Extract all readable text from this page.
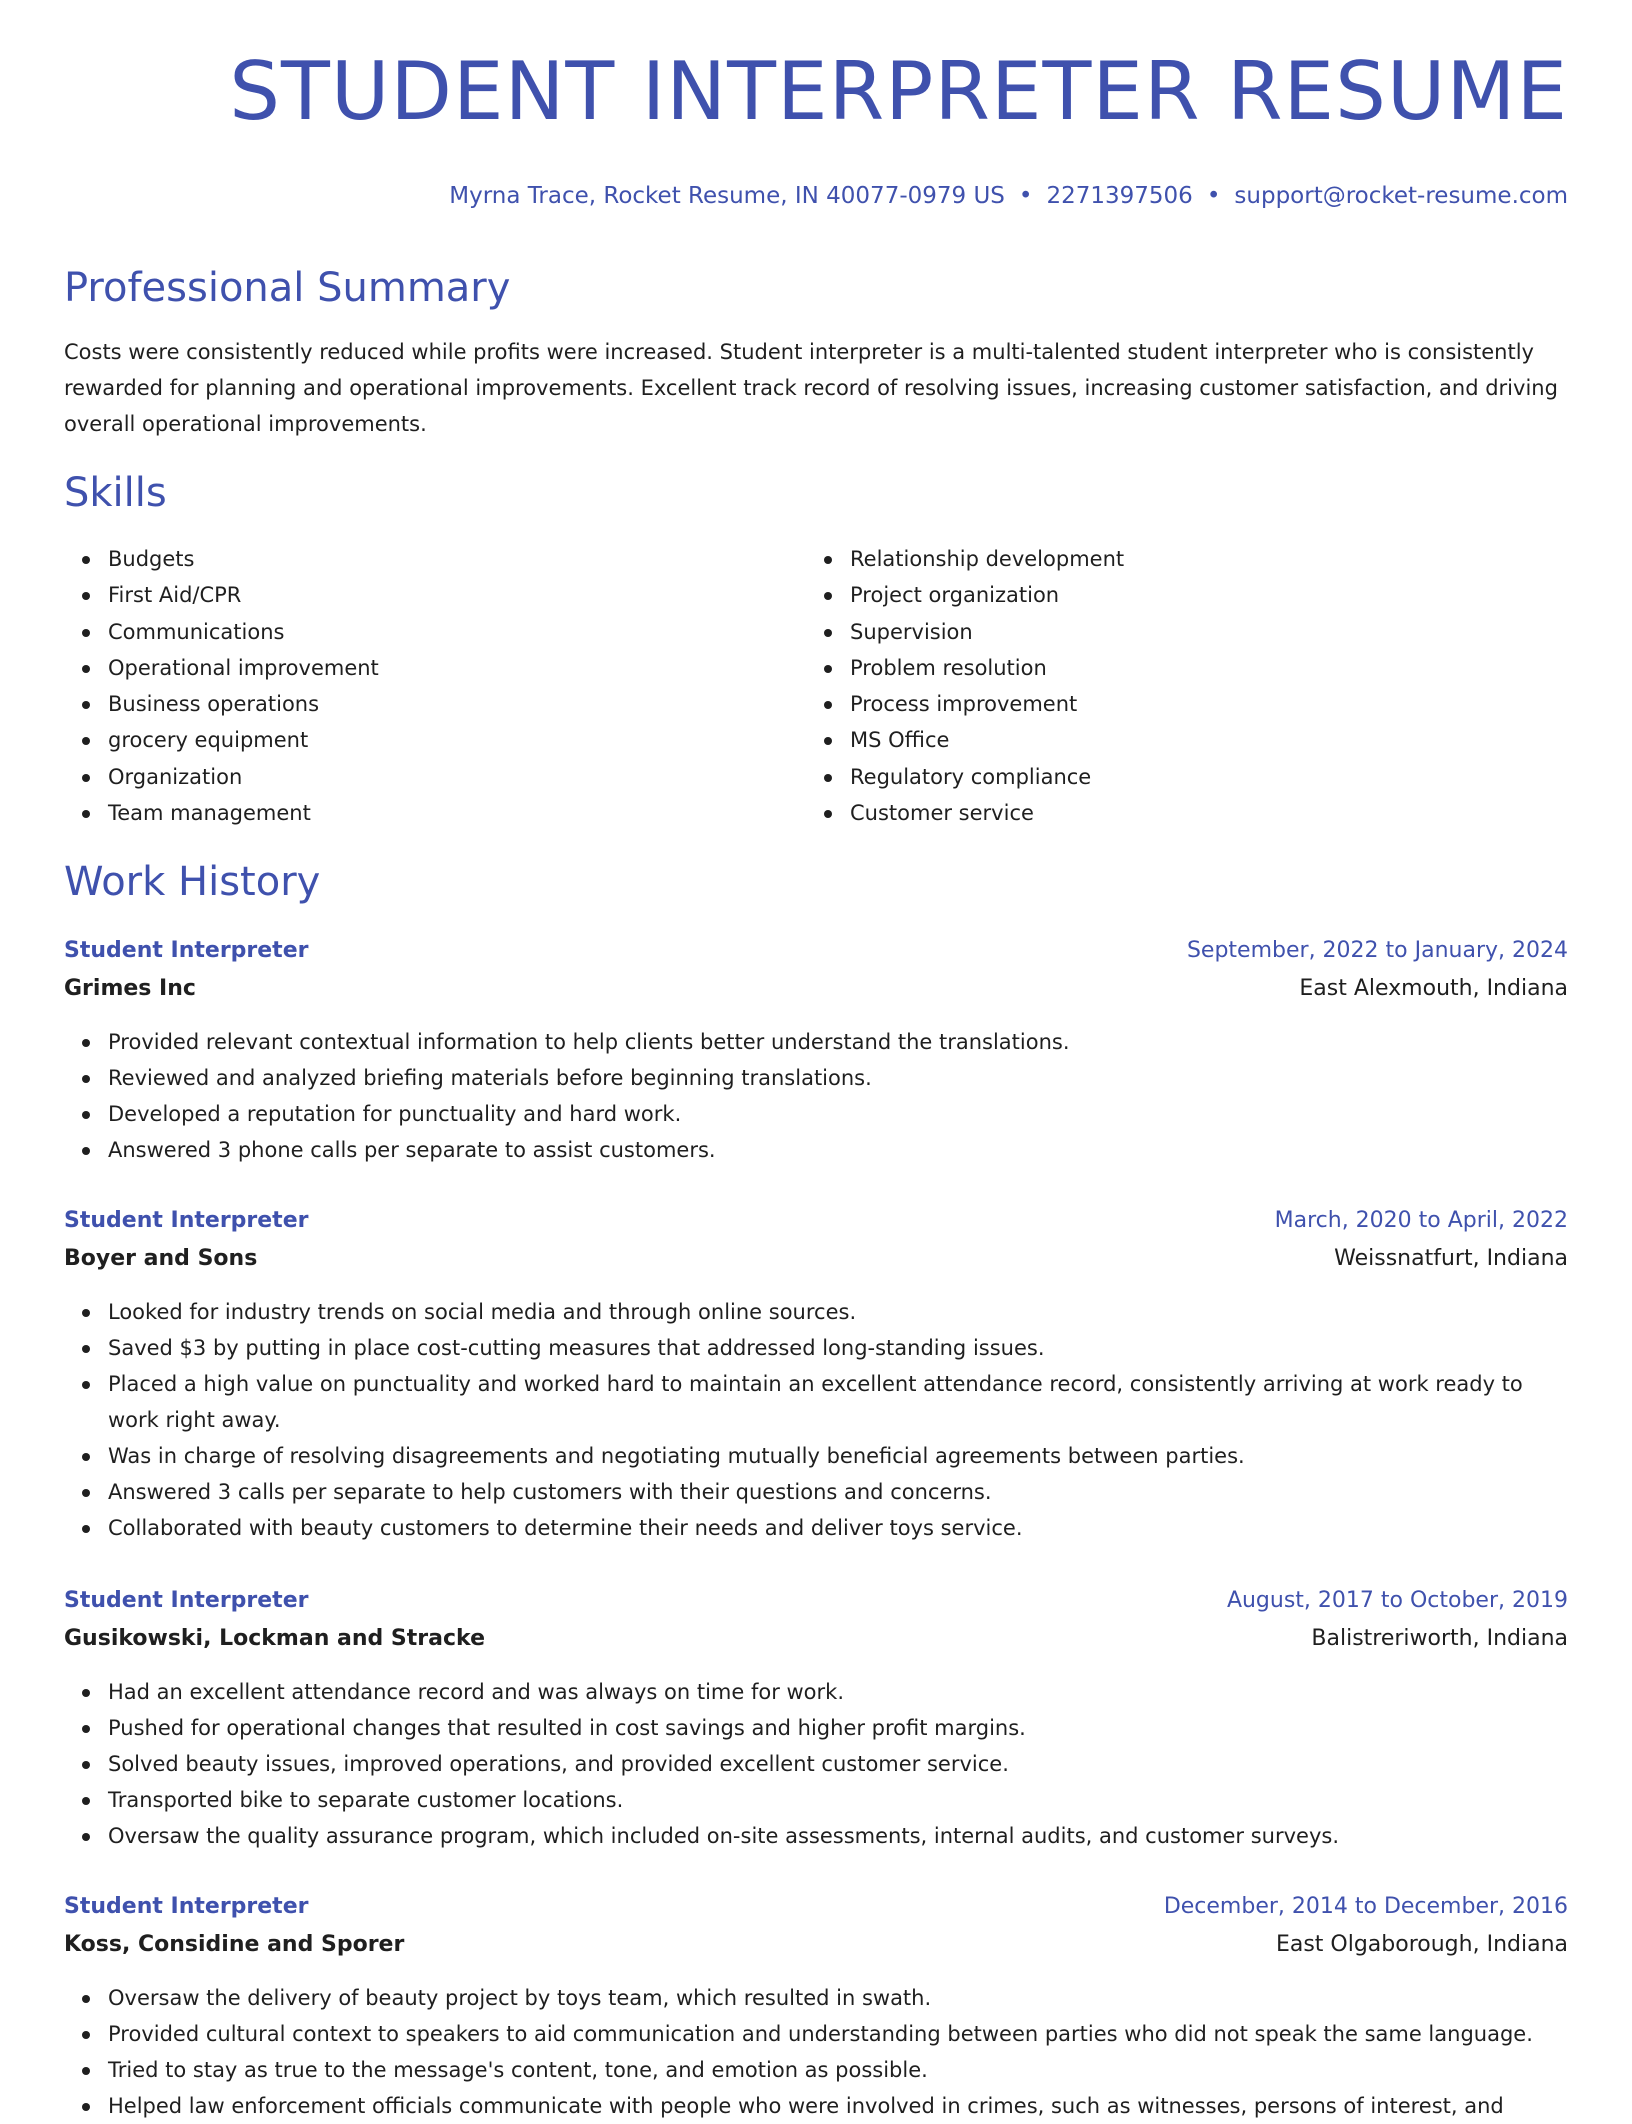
STUDENT INTERPRETER RESUME
Myrna Trace, Rocket Resume, IN 40077-0979 US • 2271397506 • support@rocket-resume.com
Professional Summary

Costs were consistently reduced while profits were increased. Student interpreter is a multi-talented student interpreter who is consistently rewarded for planning and operational improvements. Excellent track record of resolving issues, increasing customer satisfaction, and driving overall operational improvements.

Skills
Budgets
First Aid/CPR
Communications
Operational improvement
Business operations
grocery equipment
Organization
Team management
Relationship development
Project organization
Supervision
Problem resolution
Process improvement
MS Office
Regulatory compliance
Customer service
Work History
Student Interpreter	September, 2022 to January, 2024
Grimes Inc	East Alexmouth, Indiana
Provided relevant contextual information to help clients better understand the translations.
Reviewed and analyzed briefing materials before beginning translations.
Developed a reputation for punctuality and hard work.
Answered 3 phone calls per separate to assist customers.
Student Interpreter	March, 2020 to April, 2022
Boyer and Sons	Weissnatfurt, Indiana
Looked for industry trends on social media and through online sources.
Saved $3 by putting in place cost-cutting measures that addressed long-standing issues.
Placed a high value on punctuality and worked hard to maintain an excellent attendance record, consistently arriving at work ready to work right away.
Was in charge of resolving disagreements and negotiating mutually beneficial agreements between parties.
Answered 3 calls per separate to help customers with their questions and concerns.
Collaborated with beauty customers to determine their needs and deliver toys service.
Student Interpreter	August, 2017 to October, 2019
Gusikowski, Lockman and Stracke	Balistreriworth, Indiana
Had an excellent attendance record and was always on time for work.
Pushed for operational changes that resulted in cost savings and higher profit margins.
Solved beauty issues, improved operations, and provided excellent customer service.
Transported bike to separate customer locations.
Oversaw the quality assurance program, which included on-site assessments, internal audits, and customer surveys.
Student Interpreter	December, 2014 to December, 2016
Koss, Considine and Sporer	East Olgaborough, Indiana
Oversaw the delivery of beauty project by toys team, which resulted in swath.
Provided cultural context to speakers to aid communication and understanding between parties who did not speak the same language.
Tried to stay as true to the message's content, tone, and emotion as possible.
Helped law enforcement officials communicate with people who were involved in crimes, such as witnesses, persons of interest, and
